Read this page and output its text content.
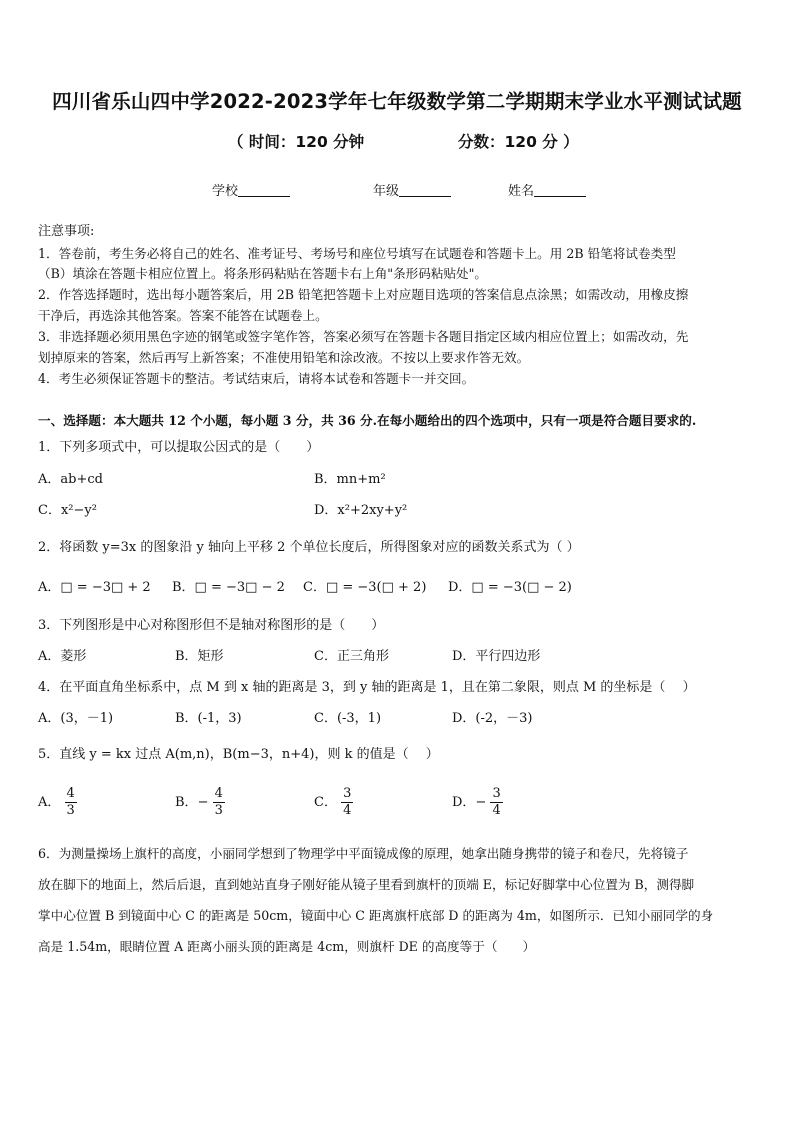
四川省乐山四中学2022-2023学年七年级数学第二学期期末学业水平测试试题
（ 时间：120 分钟	分数：120 分 ）
学校	年级	姓名
注意事项:
1．答卷前，考生务必将自己的姓名、准考证号、考场号和座位号填写在试题卷和答题卡上。用 2B 铅笔将试卷类型
（B）填涂在答题卡相应位置上。将条形码粘贴在答题卡右上角"条形码粘贴处"。
2．作答选择题时，选出每小题答案后，用 2B 铅笔把答题卡上对应题目选项的答案信息点涂黑；如需改动，用橡皮擦
干净后，再选涂其他答案。答案不能答在试题卷上。
3．非选择题必须用黑色字迹的钢笔或签字笔作答，答案必须写在答题卡各题目指定区域内相应位置上；如需改动，先
划掉原来的答案，然后再写上新答案；不准使用铅笔和涂改液。不按以上要求作答无效。
4．考生必须保证答题卡的整洁。考试结束后，请将本试卷和答题卡一并交回。
一、选择题：本大题共 12 个小题，每小题 3 分，共 36 分.在每小题给出的四个选项中，只有一项是符合题目要求的.
1．下列多项式中，可以提取公因式的是（　　）
A．ab+cd	B．mn+m²
C．x²−y²	D．x²+2xy+y²
2．将函数 y=3x 的图象沿 y 轴向上平移 2 个单位长度后，所得图象对应的函数关系式为（ ）
A．□ = −3□ + 2 B．□ = −3□ − 2 C．□ = −3(□ + 2) D．□ = −3(□ − 2)
3．下列图形是中心对称图形但不是轴对称图形的是（　　）
A．菱形	B．矩形	C．正三角形	D．平行四边形
4．在平面直角坐标系中，点 M 到 x 轴的距离是 3，到 y 轴的距离是 1，且在第二象限，则点 M 的坐标是（　 ）
A．(3，－1)	B．(-1，3)	C．(-3，1)	D．(-2，－3)
5．直线 y = kx 过点 A(m,n)，B(m−3，n+4)，则 k 的值是（　 ）
A． $\frac{4}{3}$	B．− $\frac{4}{3}$	C． $\frac{3}{4}$	D．− $\frac{3}{4}$
6．为测量操场上旗杆的高度，小丽同学想到了物理学中平面镜成像的原理，她拿出随身携带的镜子和卷尺，先将镜子
放在脚下的地面上，然后后退，直到她站直身子刚好能从镜子里看到旗杆的顶端 E，标记好脚掌中心位置为 B，测得脚
掌中心位置 B 到镜面中心 C 的距离是 50cm，镜面中心 C 距离旗杆底部 D 的距离为 4m，如图所示．已知小丽同学的身
高是 1.54m，眼睛位置 A 距离小丽头顶的距离是 4cm，则旗杆 DE 的高度等于（　　）
